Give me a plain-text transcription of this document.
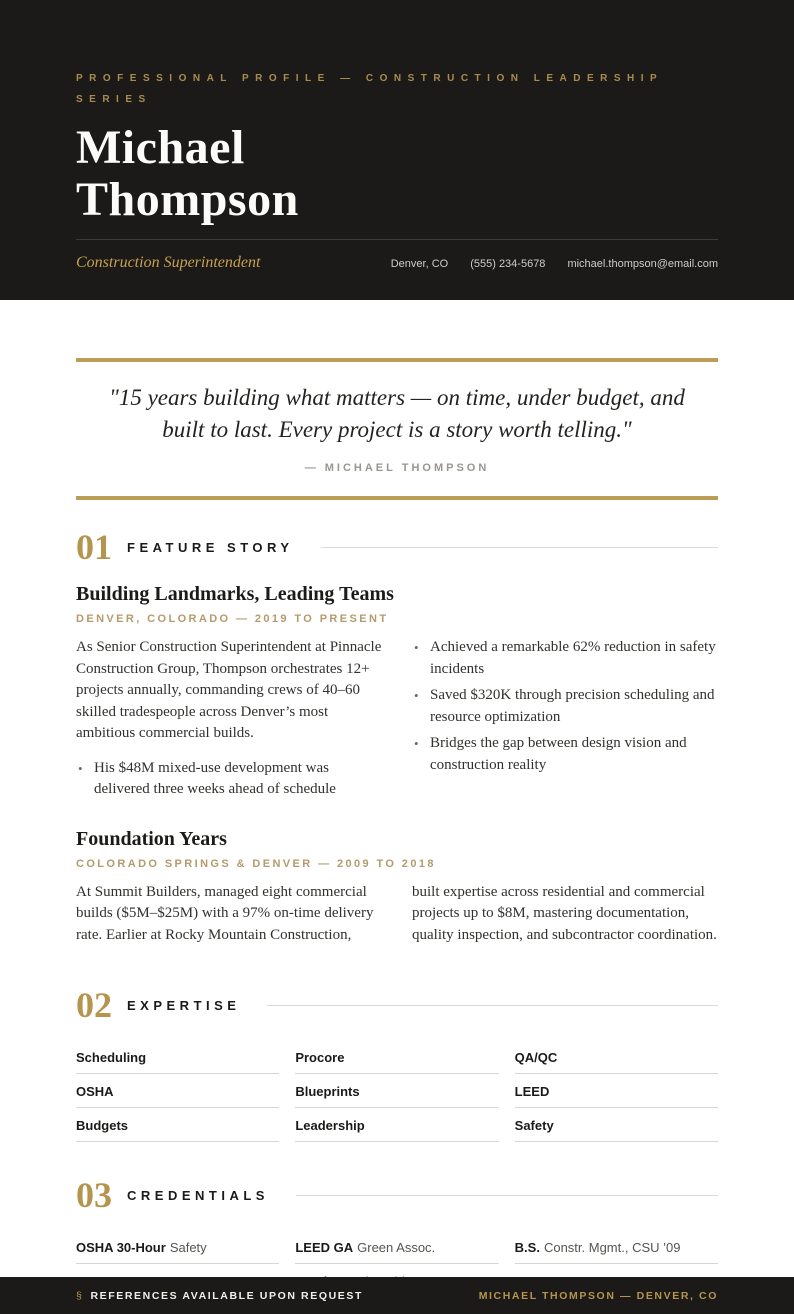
PROFESSIONAL PROFILE — CONSTRUCTION LEADERSHIP SERIES
Michael
Thompson
Construction Superintendent	Denver, CO (555) 234-5678 michael.thompson@email.com

"15 years building what matters — on time, under budget, and built to last. Every project is a story worth telling."

— MICHAEL THOMPSON
01 FEATURE STORY
Building Landmarks, Leading Teams
DENVER, COLORADO — 2019 TO PRESENT

As Senior Construction Superintendent at Pinnacle Construction Group, Thompson orchestrates 12+ projects annually, commanding crews of 40–60 skilled tradespeople across Denver’s most ambitious commercial builds.

• His $48M mixed-use development was delivered three weeks ahead of schedule
• Achieved a remarkable 62% reduction in safety incidents
• Saved $320K through precision scheduling and resource optimization
• Bridges the gap between design vision and construction reality
Foundation Years
COLORADO SPRINGS & DENVER — 2009 TO 2018

At Summit Builders, managed eight commercial builds ($5M–$25M) with a 97% on-time delivery rate. Earlier at Rocky Mountain Construction, built expertise across residential and commercial projects up to $8M, mastering documentation, quality inspection, and subcontractor coordination.

02 EXPERTISE
Scheduling	Procore	QA/QC
OSHA	Blueprints	LEED
Budgets	Leadership	Safety
03 CREDENTIALS
OSHA 30-Hour Safety	LEED GA Green Assoc.	B.S. Constr. Mgmt., CSU ’09
§ REFERENCES AVAILABLE UPON REQUEST	MICHAEL THOMPSON — DENVER, CO
